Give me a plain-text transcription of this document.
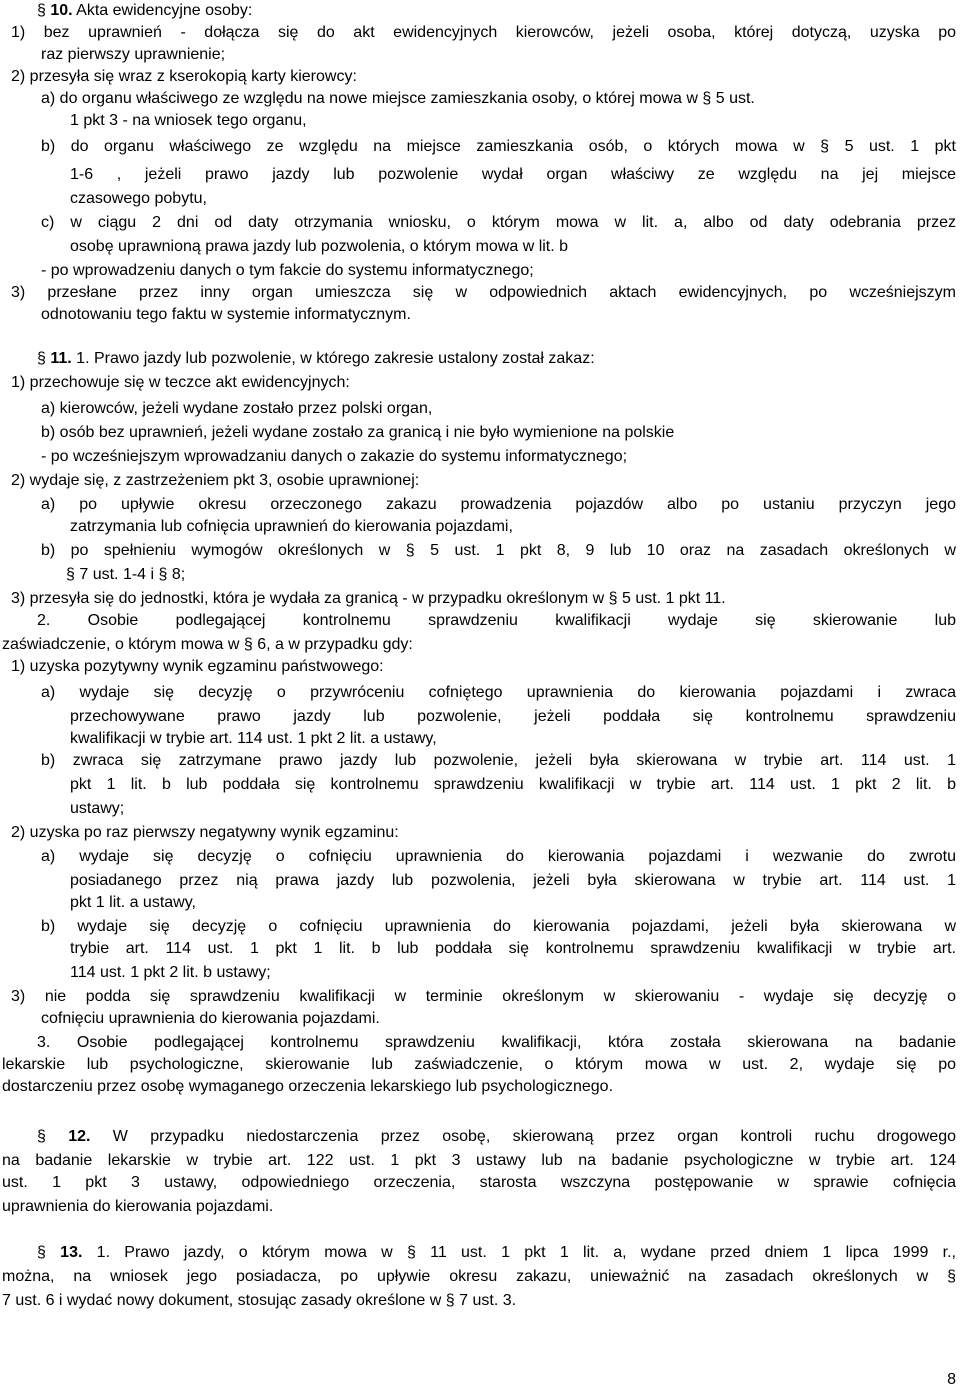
§ 10. Akta ewidencyjne osoby:
1) bez uprawnień - dołącza się do akt ewidencyjnych kierowców, jeżeli osoba, której dotyczą, uzyska po
raz pierwszy uprawnienie;
2) przesyła się wraz z kserokopią karty kierowcy:
a) do organu właściwego ze względu na nowe miejsce zamieszkania osoby, o której mowa w § 5 ust.
1 pkt 3 - na wniosek tego organu,
b) do organu właściwego ze względu na miejsce zamieszkania osób, o których mowa w § 5 ust. 1 pkt
1-6 , jeżeli prawo jazdy lub pozwolenie wydał organ właściwy ze względu na jej miejsce
czasowego pobytu,
c) w ciągu 2 dni od daty otrzymania wniosku, o którym mowa w lit. a, albo od daty odebrania przez
osobę uprawnioną prawa jazdy lub pozwolenia, o którym mowa w lit. b
- po wprowadzeniu danych o tym fakcie do systemu informatycznego;
3) przesłane przez inny organ umieszcza się w odpowiednich aktach ewidencyjnych, po wcześniejszym
odnotowaniu tego faktu w systemie informatycznym.
§ 11. 1. Prawo jazdy lub pozwolenie, w którego zakresie ustalony został zakaz:
1) przechowuje się w teczce akt ewidencyjnych:
a) kierowców, jeżeli wydane zostało przez polski organ,
b) osób bez uprawnień, jeżeli wydane zostało za granicą i nie było wymienione na polskie
- po wcześniejszym wprowadzaniu danych o zakazie do systemu informatycznego;
2) wydaje się, z zastrzeżeniem pkt 3, osobie uprawnionej:
a) po upływie okresu orzeczonego zakazu prowadzenia pojazdów albo po ustaniu przyczyn jego
zatrzymania lub cofnięcia uprawnień do kierowania pojazdami,
b) po spełnieniu wymogów określonych w § 5 ust. 1 pkt 8, 9 lub 10 oraz na zasadach określonych w
§ 7 ust. 1-4 i § 8;
3) przesyła się do jednostki, która je wydała za granicą - w przypadku określonym w § 5 ust. 1 pkt 11.
2. Osobie podlegającej kontrolnemu sprawdzeniu kwalifikacji wydaje się skierowanie lub
zaświadczenie, o którym mowa w § 6, a w przypadku gdy:
1) uzyska pozytywny wynik egzaminu państwowego:
a) wydaje się decyzję o przywróceniu cofniętego uprawnienia do kierowania pojazdami i zwraca
przechowywane prawo jazdy lub pozwolenie, jeżeli poddała się kontrolnemu sprawdzeniu
kwalifikacji w trybie art. 114 ust. 1 pkt 2 lit. a ustawy,
b) zwraca się zatrzymane prawo jazdy lub pozwolenie, jeżeli była skierowana w trybie art. 114 ust. 1
pkt 1 lit. b lub poddała się kontrolnemu sprawdzeniu kwalifikacji w trybie art. 114 ust. 1 pkt 2 lit. b
ustawy;
2) uzyska po raz pierwszy negatywny wynik egzaminu:
a) wydaje się decyzję o cofnięciu uprawnienia do kierowania pojazdami i wezwanie do zwrotu
posiadanego przez nią prawa jazdy lub pozwolenia, jeżeli była skierowana w trybie art. 114 ust. 1
pkt 1 lit. a ustawy,
b) wydaje się decyzję o cofnięciu uprawnienia do kierowania pojazdami, jeżeli była skierowana w
trybie art. 114 ust. 1 pkt 1 lit. b lub poddała się kontrolnemu sprawdzeniu kwalifikacji w trybie art.
114 ust. 1 pkt 2 lit. b ustawy;
3) nie podda się sprawdzeniu kwalifikacji w terminie określonym w skierowaniu - wydaje się decyzję o
cofnięciu uprawnienia do kierowania pojazdami.
3. Osobie podlegającej kontrolnemu sprawdzeniu kwalifikacji, która została skierowana na badanie
lekarskie lub psychologiczne, skierowanie lub zaświadczenie, o którym mowa w ust. 2, wydaje się po
dostarczeniu przez osobę wymaganego orzeczenia lekarskiego lub psychologicznego.
§ 12. W przypadku niedostarczenia przez osobę, skierowaną przez organ kontroli ruchu drogowego
na badanie lekarskie w trybie art. 122 ust. 1 pkt 3 ustawy lub na badanie psychologiczne w trybie art. 124
ust. 1 pkt 3 ustawy, odpowiedniego orzeczenia, starosta wszczyna postępowanie w sprawie cofnięcia
uprawnienia do kierowania pojazdami.
§ 13. 1. Prawo jazdy, o którym mowa w § 11 ust. 1 pkt 1 lit. a, wydane przed dniem 1 lipca 1999 r.,
można, na wniosek jego posiadacza, po upływie okresu zakazu, unieważnić na zasadach określonych w §
7 ust. 6 i wydać nowy dokument, stosując zasady określone w § 7 ust. 3.
8
